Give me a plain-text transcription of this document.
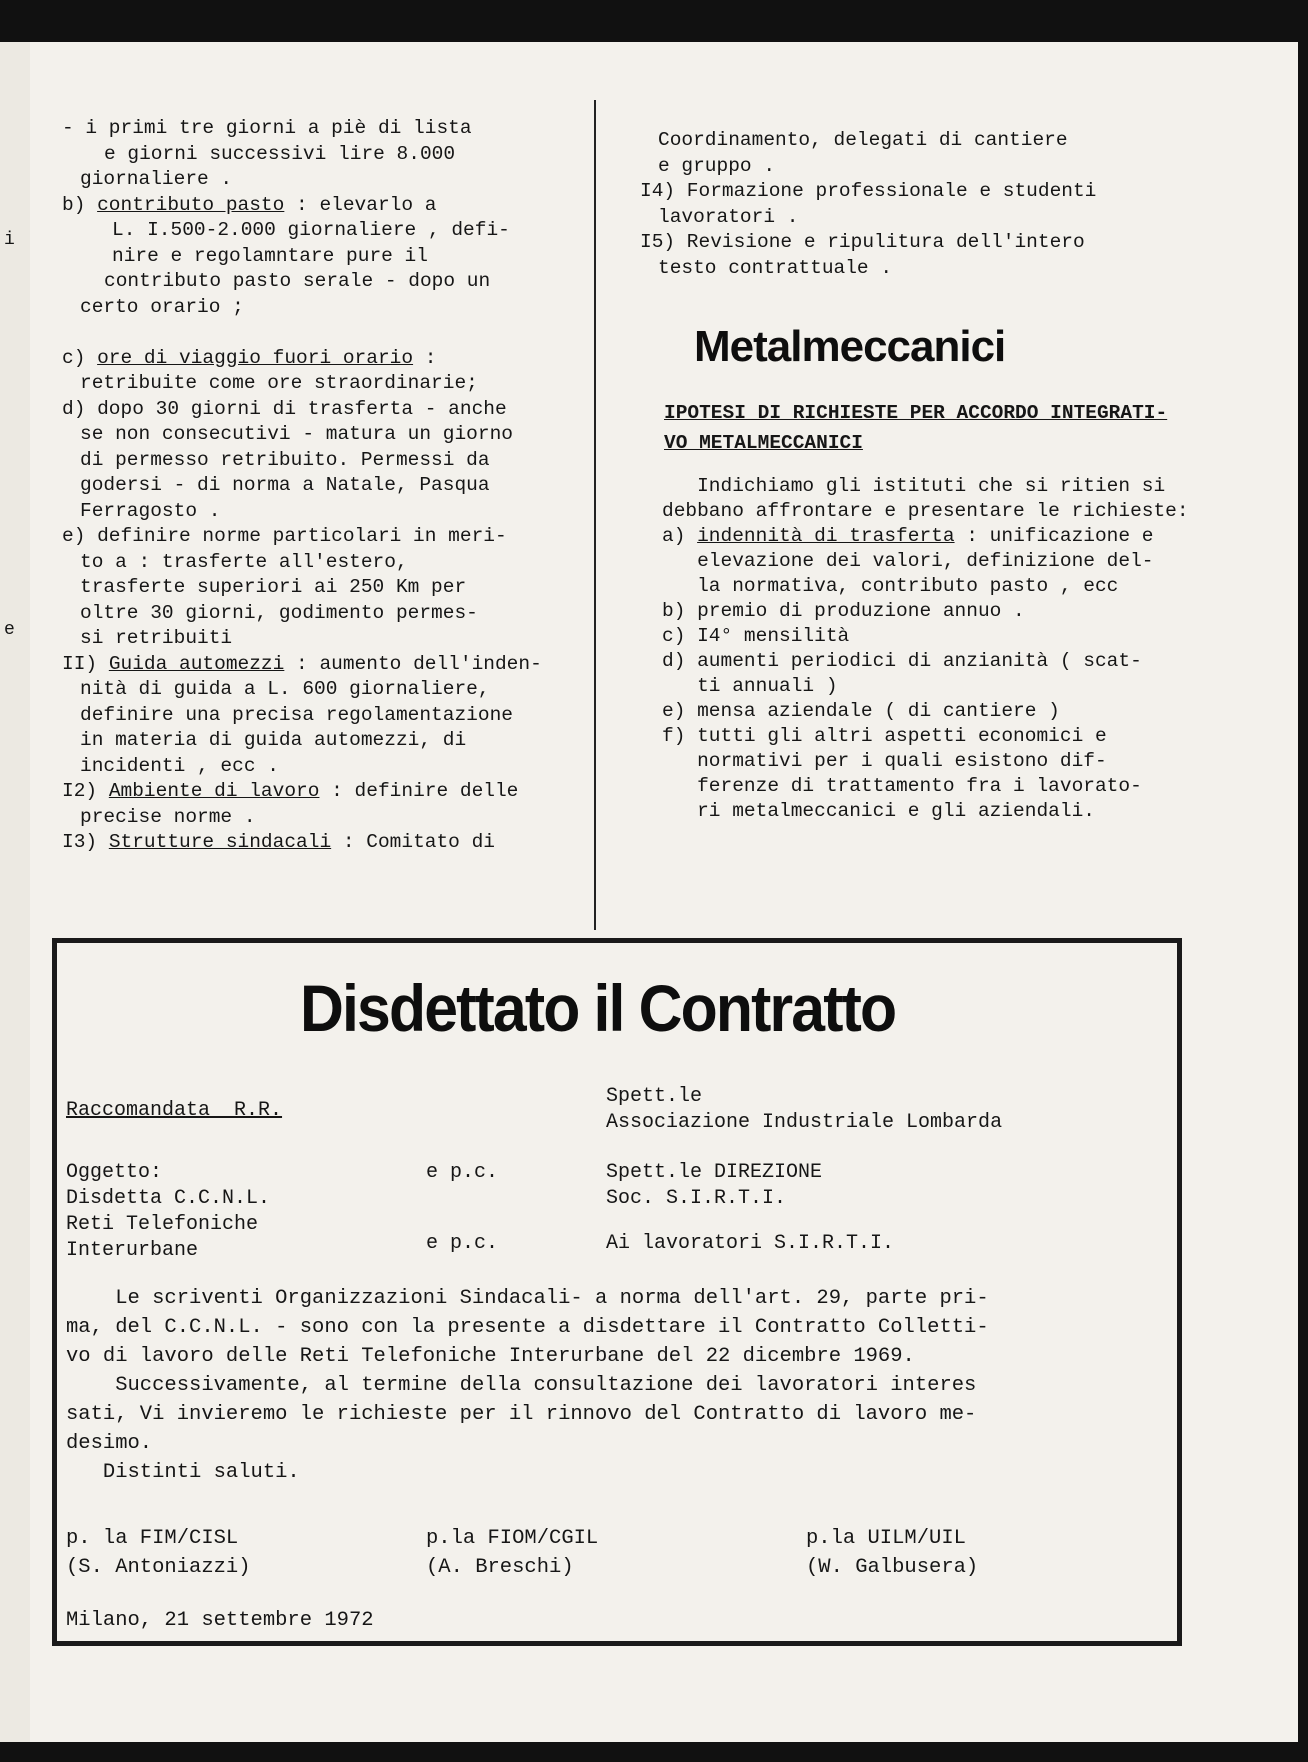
i
e
- i primi tre giorni a piè di lista
e giorni successivi lire 8.000
giornaliere .
b) contributo pasto : elevarlo a
L. I.500-2.000 giornaliere , defi-
nire e regolamntare pure il
contributo pasto serale - dopo un
certo orario ;

c) ore di viaggio fuori orario :
retribuite come ore straordinarie;
d) dopo 30 giorni di trasferta - anche
se non consecutivi - matura un giorno
di permesso retribuito. Permessi da
godersi - di norma a Natale, Pasqua
Ferragosto .
e) definire norme particolari in meri-
to a : trasferte all'estero,
trasferte superiori ai 250 Km per
oltre 30 giorni, godimento permes-
si retribuiti
II) Guida automezzi : aumento dell'inden-
nità di guida a L. 600 giornaliere,
definire una precisa regolamentazione
in materia di guida automezzi, di
incidenti , ecc .
I2) Ambiente di lavoro : definire delle
precise norme .
I3) Strutture sindacali : Comitato di
Coordinamento, delegati di cantiere
e gruppo .
I4) Formazione professionale e studenti
lavoratori .
I5) Revisione e ripulitura dell'intero
testo contrattuale .
Metalmeccanici
IPOTESI DI RICHIESTE PER ACCORDO INTEGRATI-
VO METALMECCANICI
Indichiamo gli istituti che si ritien si
debbano affrontare e presentare le richieste:
a) indennità di trasferta : unificazione e
elevazione dei valori, definizione del-
la normativa, contributo pasto , ecc
b) premio di produzione annuo .
c) I4° mensilità
d) aumenti periodici di anzianità ( scat-
ti annuali )
e) mensa aziendale ( di cantiere )
f) tutti gli altri aspetti economici e
normativi per i quali esistono dif-
ferenze di trattamento fra i lavorato-
ri metalmeccanici e gli aziendali.
Disdettato il Contratto
Raccomandata  R.R.
Spett.le
Associazione Industriale Lombarda
Oggetto:
Disdetta C.C.N.L.
Reti Telefoniche
Interurbane
e p.c.	Spett.le DIREZIONE
Soc. S.I.R.T.I.
e p.c.	Ai lavoratori S.I.R.T.I.
Le scriventi Organizzazioni Sindacali- a norma dell'art. 29, parte pri-
ma, del C.C.N.L. - sono con la presente a disdettare il Contratto Colletti-
vo di lavoro delle Reti Telefoniche Interurbane del 22 dicembre 1969.
Successivamente, al termine della consultazione dei lavoratori interes
sati, Vi invieremo le richieste per il rinnovo del Contratto di lavoro me-
desimo.
Distinti saluti.
p. la FIM/CISL
(S. Antoniazzi)
p.la FIOM/CGIL
(A. Breschi)
p.la UILM/UIL
(W. Galbusera)
Milano, 21 settembre 1972
